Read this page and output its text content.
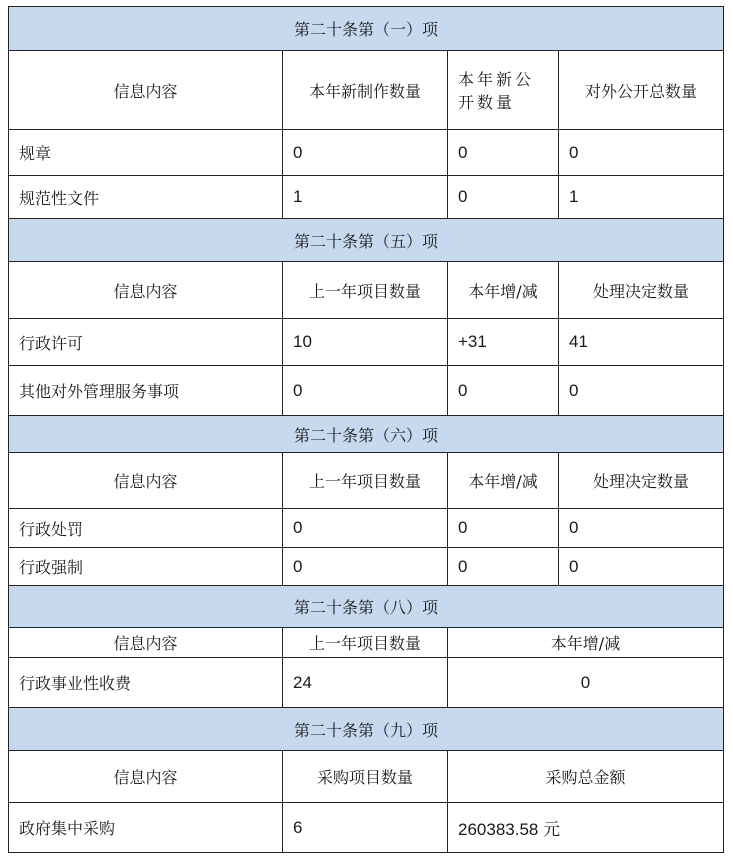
第二十条第（一）项			
信息内容	本年新制作数量	本年新公开数量	对外公开总数量
规章	0	0	0
规范性文件	1	0	1
第二十条第（五）项			
信息内容	上一年项目数量	本年增/减	处理决定数量
行政许可	10	+31	41
其他对外管理服务事项	0	0	0
第二十条第（六）项			
信息内容	上一年项目数量	本年增/减	处理决定数量
行政处罚	0	0	0
行政强制	0	0	0
第二十条第（八）项			
信息内容	上一年项目数量	本年增/减	
行政事业性收费	24	0	
第二十条第（九）项			
信息内容	采购项目数量	采购总金额	
政府集中采购	6	260383.58 元	
